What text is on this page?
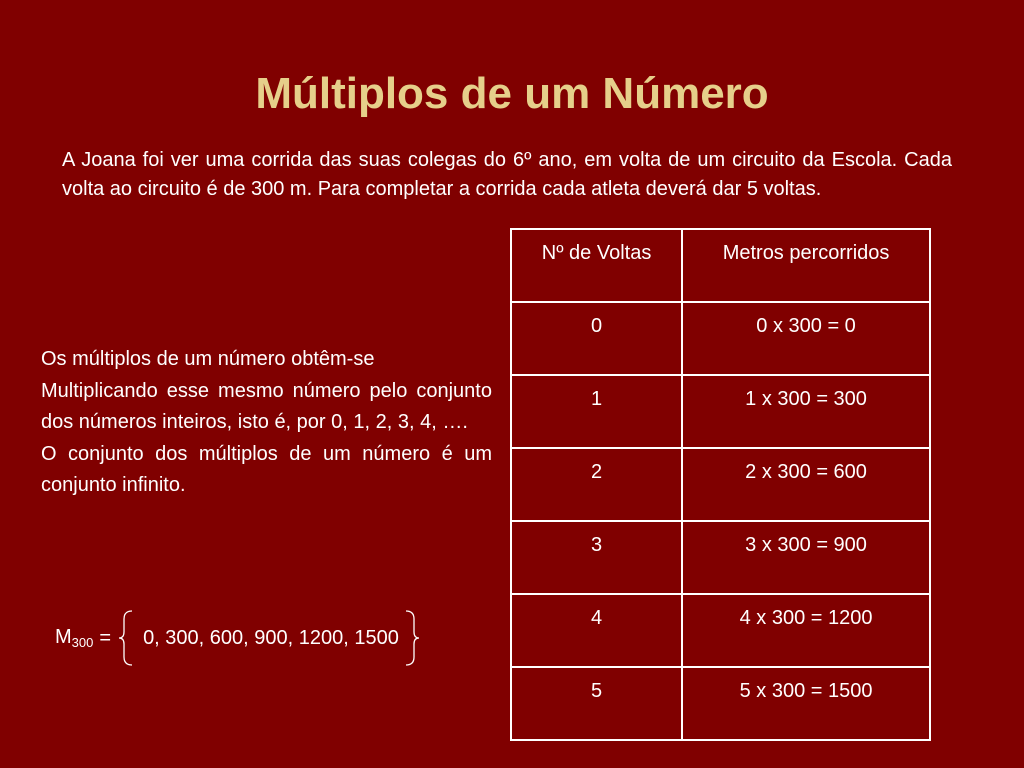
Múltiplos de um Número

A Joana foi ver uma corrida das suas colegas do 6º ano, em volta de um circuito da Escola. Cada volta ao circuito é de 300 m. Para completar a corrida cada atleta deverá dar 5 voltas.

Os múltiplos de um número obtêm-se

Multiplicando esse mesmo número pelo conjunto dos números inteiros, isto é, por 0, 1, 2, 3, 4, ….

O conjunto dos múltiplos de um número é um conjunto infinito.

Nº de Voltas	Metros percorridos
0	0 x 300 = 0
1	1 x 300 = 300
2	2 x 300 = 600
3	3 x 300 = 900
4	4 x 300 = 1200
5	5 x 300 = 1500
$M_{300} = 0$, 300, 600, 900, 1200, 1500
